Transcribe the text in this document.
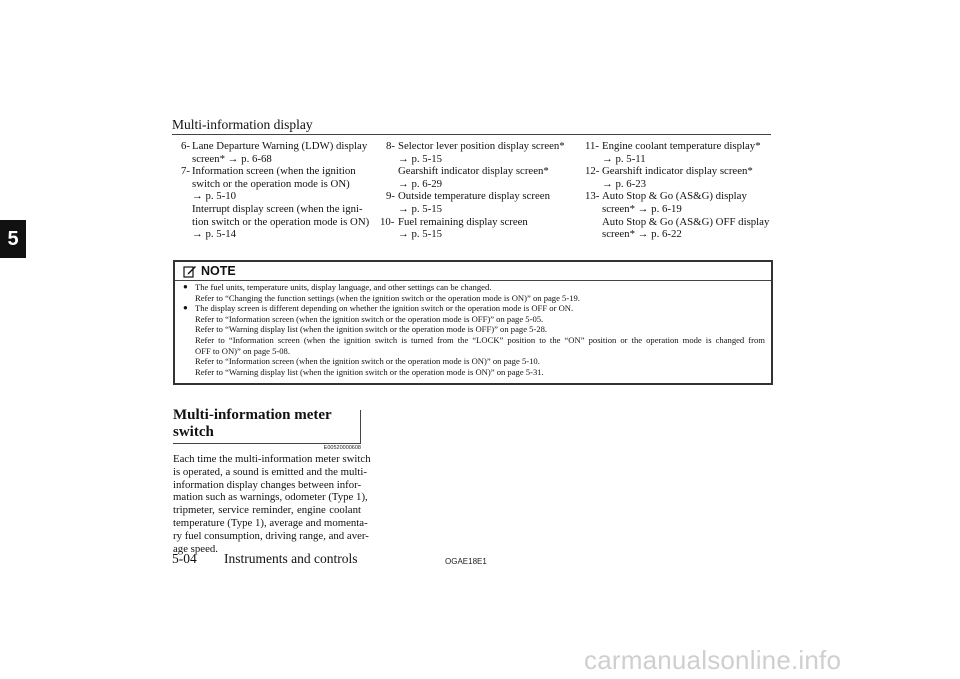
Multi-information display
5
6- Lane Departure Warning (LDW) display
screen* → p. 6-68
7- Information screen (when the ignition
switch or the operation mode is ON)
→ p. 5-10
Interrupt display screen (when the igni-
tion switch or the operation mode is ON)
→ p. 5-14
8- Selector lever position display screen*
→ p. 5-15
Gearshift indicator display screen*
→ p. 6-29
9- Outside temperature display screen
→ p. 5-15
10- Fuel remaining display screen
→ p. 5-15
11- Engine coolant temperature display*
→ p. 5-11
12- Gearshift indicator display screen*
→ p. 6-23
13- Auto Stop & Go (AS&G) display
screen* → p. 6-19
Auto Stop & Go (AS&G) OFF display
screen* → p. 6-22
NOTE
● The fuel units, temperature units, display language, and other settings can be changed.
Refer to “Changing the function settings (when the ignition switch or the operation mode is ON)” on page 5-19.
● The display screen is different depending on whether the ignition switch or the operation mode is OFF or ON.
Refer to “Information screen (when the ignition switch or the operation mode is OFF)” on page 5-05.
Refer to “Warning display list (when the ignition switch or the operation mode is OFF)” on page 5-28.
Refer to “Information screen (when the ignition switch is turned from the “LOCK” position to the “ON” position or the operation mode is changed from
OFF to ON)” on page 5-08.
Refer to “Information screen (when the ignition switch or the operation mode is ON)” on page 5-10.
Refer to “Warning display list (when the ignition switch or the operation mode is ON)” on page 5-31.
Multi-information meter
switch
E00520000608
Each time the multi-information meter switch
is operated, a sound is emitted and the multi-
information display changes between infor-
mation such as warnings, odometer (Type 1),
tripmeter, service reminder, engine coolant
temperature (Type 1), average and momenta-
ry fuel consumption, driving range, and aver-
age speed.
5-04 Instruments and controls	OGAE18E1
carmanualsonline.info
